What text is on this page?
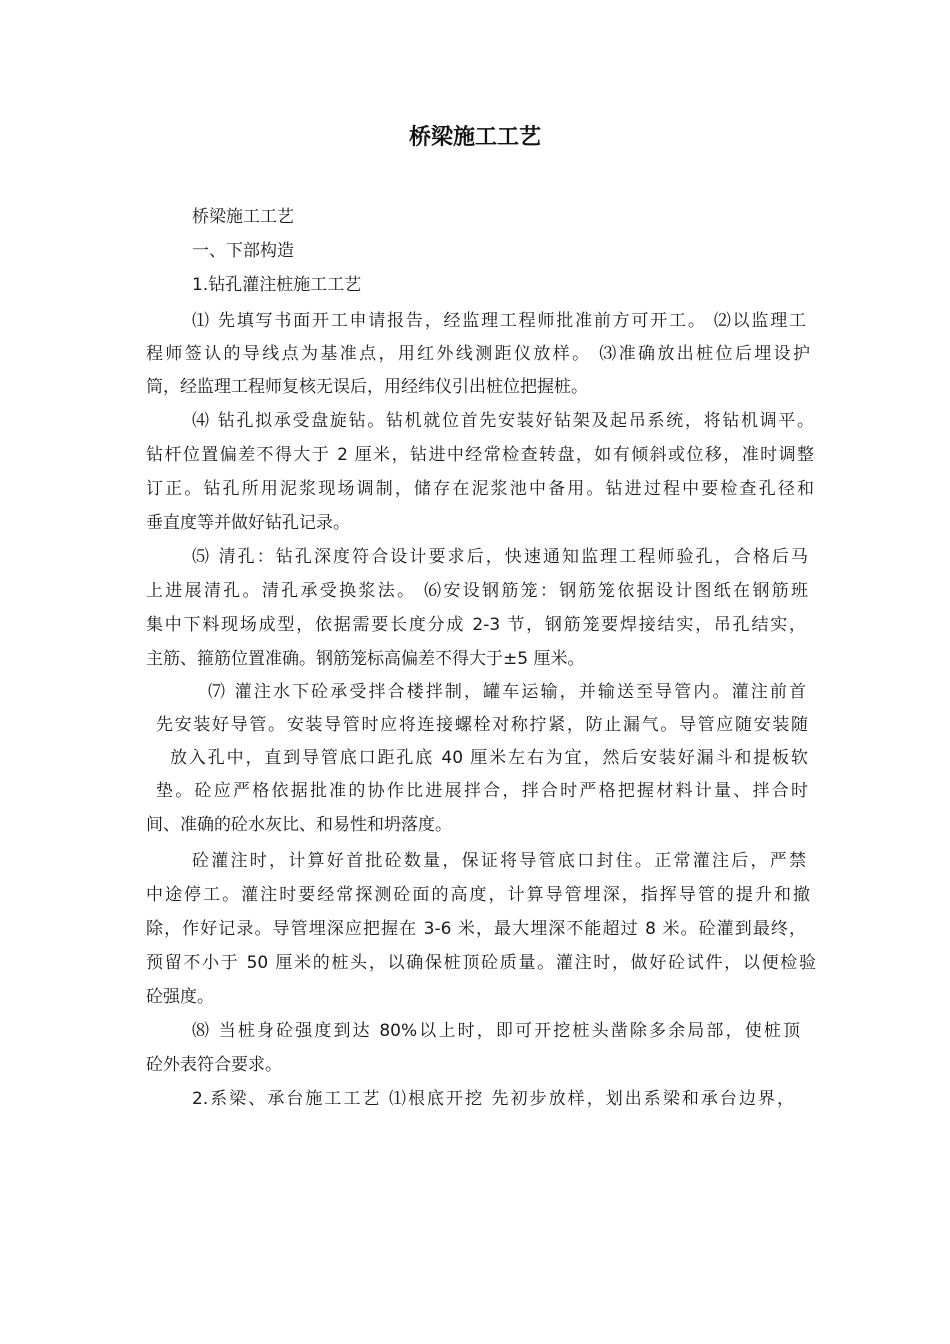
桥梁施工工艺
桥梁施工工艺
一、下部构造
1.钻孔灌注桩施工工艺
⑴ 先填写书面开工申请报告，经监理工程师批准前方可开工。 ⑵以监理工
程师签认的导线点为基准点，用红外线测距仪放样。 ⑶准确放出桩位后埋设护
筒，经监理工程师复核无误后，用经纬仪引出桩位把握桩。
⑷ 钻孔拟承受盘旋钻。钻机就位首先安装好钻架及起吊系统，将钻机调平。
钻杆位置偏差不得大于 2 厘米，钻进中经常检查转盘，如有倾斜或位移，准时调整
订正。钻孔所用泥浆现场调制，储存在泥浆池中备用。钻进过程中要检查孔径和
垂直度等并做好钻孔记录。
⑸ 清孔：钻孔深度符合设计要求后，快速通知监理工程师验孔，合格后马
上进展清孔。清孔承受换浆法。 ⑹安设钢筋笼：钢筋笼依据设计图纸在钢筋班
集中下料现场成型，依据需要长度分成 2-3 节，钢筋笼要焊接结实，吊孔结实，
主筋、箍筋位置准确。钢筋笼标高偏差不得大于±5 厘米。
⑺ 灌注水下砼承受拌合楼拌制，罐车运输，并输送至导管内。灌注前首
先安装好导管。安装导管时应将连接螺栓对称拧紧，防止漏气。导管应随安装随
放入孔中，直到导管底口距孔底 40 厘米左右为宜，然后安装好漏斗和提板软
垫。砼应严格依据批准的协作比进展拌合，拌合时严格把握材料计量、拌合时
间、准确的砼水灰比、和易性和坍落度。
砼灌注时，计算好首批砼数量，保证将导管底口封住。正常灌注后，严禁
中途停工。灌注时要经常探测砼面的高度，计算导管埋深，指挥导管的提升和撤
除，作好记录。导管埋深应把握在 3-6 米，最大埋深不能超过 8 米。砼灌到最终，
预留不小于 50 厘米的桩头，以确保桩顶砼质量。灌注时，做好砼试件，以便检验
砼强度。
⑻ 当桩身砼强度到达 80%以上时，即可开挖桩头凿除多余局部，使桩顶
砼外表符合要求。
2.系梁、承台施工工艺 ⑴根底开挖 先初步放样，划出系梁和承台边界，
